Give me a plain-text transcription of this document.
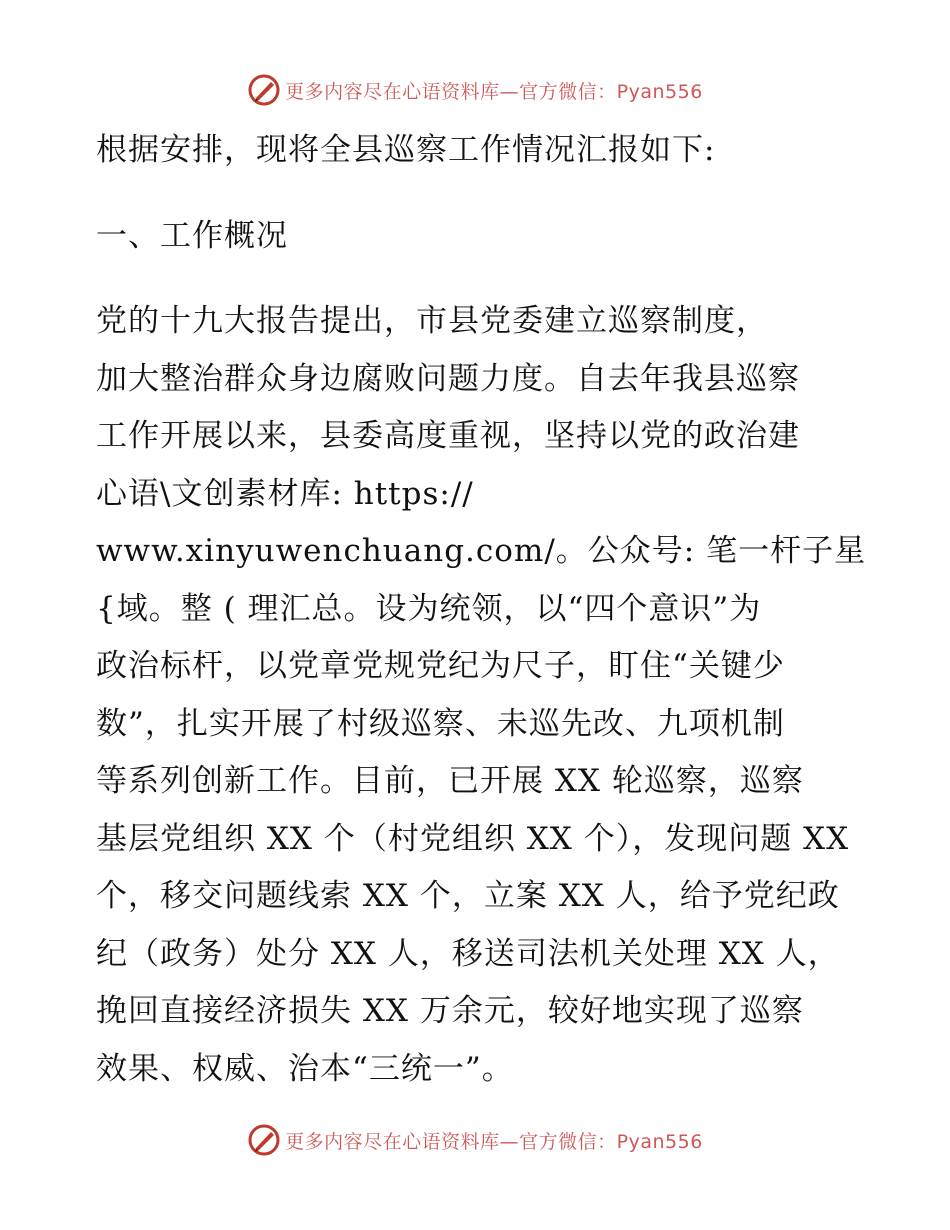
更多内容尽在心语资料库—官方微信：Pyan556
根据安排，现将全县巡察工作情况汇报如下:
一、工作概况
党的十九大报告提出，市县党委建立巡察制度，
加大整治群众身边腐败问题力度。自去年我县巡察
工作开展以来，县委高度重视，坚持以党的政治建
心语\文创素材库: https://
www.xinyuwenchuang.com/。公众号: 笔一杆子星
{域。整 ( 理汇总。设为统领，以“四个意识”为
政治标杆，以党章党规党纪为尺子，盯住“关键少
数”，扎实开展了村级巡察、未巡先改、九项机制
等系列创新工作。目前，已开展 XX 轮巡察，巡察
基层党组织 XX 个（村党组织 XX 个），发现问题 XX
个，移交问题线索 XX 个，立案 XX 人，给予党纪政
纪（政务）处分 XX 人，移送司法机关处理 XX 人，
挽回直接经济损失 XX 万余元，较好地实现了巡察
效果、权威、治本“三统一”。
更多内容尽在心语资料库—官方微信：Pyan556
